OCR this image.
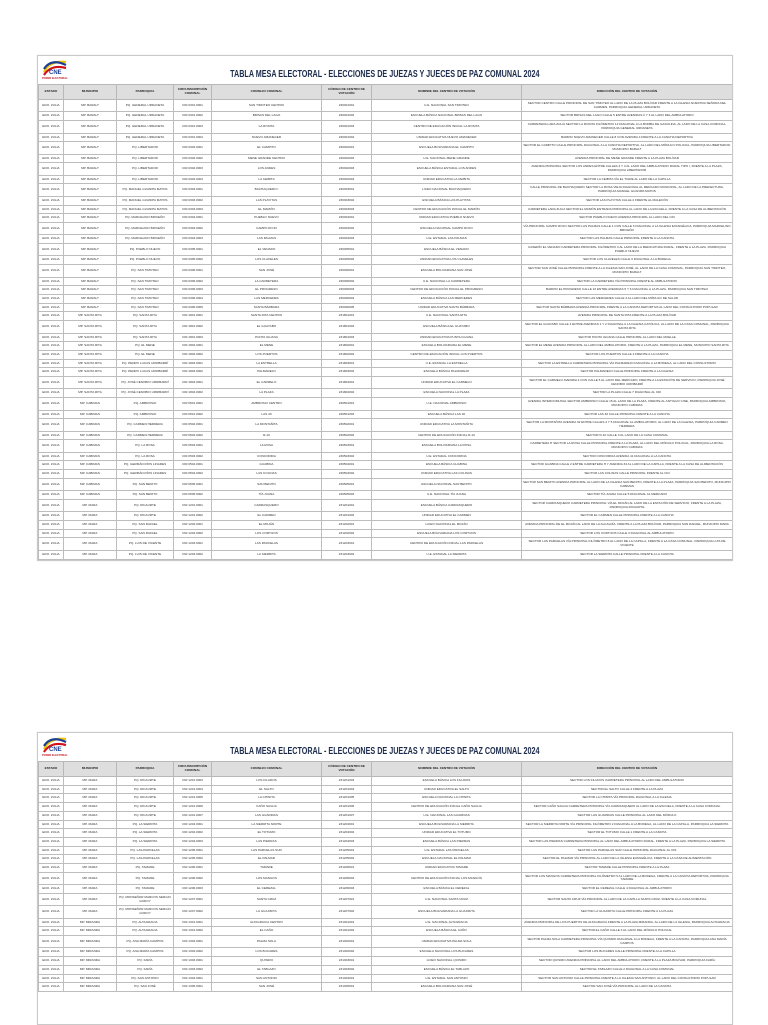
CNE
PODER ELECTORAL	TABLA MESA ELECTORAL - ELECCIONES DE JUEZAS Y JUECES DE PAZ COMUNAL 2024
ESTADO	MUNICIPIO	PARROQUIA	CIRCUNSCRIPCIÓN COMUNAL	CONSEJO COMUNAL	CÓDIGO DE CENTRO DE VOTACIÓN	NOMBRE DEL CENTRO DE VOTACIÓN	DIRECCIÓN DEL CENTRO DE VOTACIÓN
EDO. ZULIA	MP. BARALT	PQ. GENERAL URDANETA	CIR.0301.0001	SAN TIMOTEO CENTRO	230301001	U.E. NACIONAL SAN TIMOTEO	SECTOR CENTRO CALLE PRINCIPAL DE SAN TIMOTEO AL LADO DE LA PLAZA BOLÍVAR FRENTE A LA IGLESIA NUESTRA SEÑORA DEL CARMEN, PARROQUIA GENERAL URDANETA
EDO. ZULIA	MP. BARALT	PQ. GENERAL URDANETA	CIR.0301.0002	BRISAS DEL LAGO	230301002	ESCUELA BÁSICA NACIONAL BRISAS DEL LAGO	SECTOR BRISAS DEL LAGO CALLE 5 ENTRE AVENIDAS 2 Y 3 AL LADO DEL AMBULATORIO
EDO. ZULIA	MP. BARALT	PQ. GENERAL URDANETA	CIR.0301.0003	LA ROSITA	230301003	CENTRO DE EDUCACIÓN INICIAL LA ROSITA	CARRETERA LARA ZULIA SECTOR LA ROSITA KILÓMETRO 12 DIAGONAL A LA BOMBA DE GASOLINA, AL LADO DE LA CASA COMUNAL, PARROQUIA GENERAL URDANETA
EDO. ZULIA	MP. BARALT	PQ. GENERAL URDANETA	CIR.0301.0004	NUEVO AMANECER	230301004	UNIDAD EDUCATIVA NUEVO AMANECER	BARRIO NUEVO AMANECER CALLE 8 CON AVENIDA 4 FRENTE A LA CANCHA DEPORTIVA
EDO. ZULIA	MP. BARALT	PQ. LIBERTADOR	CIR.0302.0001	EL CAMPITO	230302001	ESCUELA BOLIVARIANA EL CAMPITO	SECTOR EL CAMPITO CALLE PRINCIPAL DIAGONAL A LA CANCHA DEPORTIVA, AL LADO DEL MÓDULO POLICIAL, PARROQUIA LIBERTADOR, MUNICIPIO BARALT
EDO. ZULIA	MP. BARALT	PQ. LIBERTADOR	CIR.0302.0002	MENE GRANDE CENTRO	230302002	U.E. NACIONAL MENE GRANDE	AVENIDA PRINCIPAL DE MENE GRANDE FRENTE A LA PLAZA BOLÍVAR
EDO. ZULIA	MP. BARALT	PQ. LIBERTADOR	CIR.0302.0003	LOS ANDES	230302003	ESCUELA BÁSICA ESTADAL LOS ANDES	AVENIDA PRINCIPAL SECTOR LOS ANDES ENTRE CALLES 3 Y 4 AL LADO DEL AMBULATORIO RURAL TIPO I, FRENTE A LA PLAZA, PARROQUIA LIBERTADOR
EDO. ZULIA	MP. BARALT	PQ. LIBERTADOR	CIR.0302.0004	LA CEIBITA	230302004	UNIDAD EDUCATIVA LA CEIBITA	SECTOR LA CEIBITA VÍA EL TIGRE AL LADO DE LA CAPILLA
EDO. ZULIA	MP. BARALT	PQ. MANUEL GUANIPA MATOS	CIR.0303.0001	BACHAQUERO I	230303001	LICEO NACIONAL BACHAQUERO	CALLE PRINCIPAL DE BACHAQUERO SECTOR LA ROSA VIEJA DIAGONAL AL MERCADO MUNICIPAL, AL LADO DE LA PREFECTURA, PARROQUIA MANUEL GUANIPA MATOS
EDO. ZULIA	MP. BARALT	PQ. MANUEL GUANIPA MATOS	CIR.0303.0002	LAS PLAYITAS	230303002	ESCUELA BÁSICA LAS PLAYITAS	SECTOR LAS PLAYITAS CALLE 2 FRENTE AL MALECÓN
EDO. ZULIA	MP. BARALT	PQ. MANUEL GUANIPA MATOS	CIR.0303.0003	EL MAMÓN	230303003	CENTRO DE EDUCACIÓN INICIAL EL MAMÓN	CARRETERA LARA ZULIA SECTOR EL MAMÓN ENTRADA PRINCIPAL AL LADO DE LA ESCUELA, FRENTE A LA CASA DE ALIMENTACIÓN
EDO. ZULIA	MP. BARALT	PQ. MARCELINO BRICEÑO	CIR.0304.0001	PUEBLO NUEVO	230304001	UNIDAD EDUCATIVA PUEBLO NUEVO	SECTOR PUEBLO NUEVO AVENIDA PRINCIPAL AL LADO DEL CDI
EDO. ZULIA	MP. BARALT	PQ. MARCELINO BRICEÑO	CIR.0304.0002	CAMPO ROJO	230304002	ESCUELA NACIONAL CAMPO ROJO	VÍA PRINCIPAL CAMPO ROJO SECTOR LAS PALMAS CALLE 1 CON CALLE 3 DIAGONAL A LA IGLESIA EVANGÉLICA, PARROQUIA MARCELINO BRICEÑO
EDO. ZULIA	MP. BARALT	PQ. MARCELINO BRICEÑO	CIR.0304.0003	LAS PALMAS	230304003	U.E. ESTADAL LAS PALMAS	SECTOR LAS PALMAS CALLE PRINCIPAL FRENTE A LA CANCHA
EDO. ZULIA	MP. BARALT	PQ. PUEBLO NUEVO	CIR.0305.0001	EL VENADO	230305001	ESCUELA BÁSICA EL VENADO	CASERÍO EL VENADO CARRETERA PRINCIPAL KILÓMETRO 4 AL LADO DE LA MEDICATURA RURAL, FRENTE A LA PLAZA, PARROQUIA PUEBLO NUEVO
EDO. ZULIA	MP. BARALT	PQ. PUEBLO NUEVO	CIR.0305.0002	LOS CLAVELES	230305002	UNIDAD EDUCATIVA LOS CLAVELES	SECTOR LOS CLAVELES CALLE 6 DIAGONAL A LA BODEGA
EDO. ZULIA	MP. BARALT	PQ. SAN TIMOTEO	CIR.0306.0001	SAN JOSÉ	230306001	ESCUELA BOLIVARIANA SAN JOSÉ	SECTOR SAN JOSÉ CALLE PRINCIPAL FRENTE A LA IGLESIA SAN JOSÉ, AL LADO DE LA CASA COMUNAL, PARROQUIA SAN TIMOTEO, MUNICIPIO BARALT
EDO. ZULIA	MP. BARALT	PQ. SAN TIMOTEO	CIR.0306.0002	LA CARRETERA	230306002	U.E. NACIONAL LA CARRETERA	SECTOR LA CARRETERA VÍA PRINCIPAL FRENTE AL AMBULATORIO
EDO. ZULIA	MP. BARALT	PQ. SAN TIMOTEO	CIR.0306.0003	EL PROGRESO	230306003	CENTRO DE EDUCACIÓN INICIAL EL PROGRESO	BARRIO EL PROGRESO CALLE 10 ENTRE AVENIDAS 5 Y 6 DIAGONAL A LA PLAZA, PARROQUIA SAN TIMOTEO
EDO. ZULIA	MP. BARALT	PQ. SAN TIMOTEO	CIR.0306.0004	LAS MERCEDES	230306004	ESCUELA BÁSICA LAS MERCEDES	SECTOR LAS MERCEDES CALLE 3 AL LADO DEL MÓDULO DE SALUD
EDO. ZULIA	MP. BARALT	PQ. SAN TIMOTEO	CIR.0306.0005	SANTA BÁRBARA	230306005	UNIDAD EDUCATIVA SANTA BÁRBARA	SECTOR SANTA BÁRBARA AVENIDA PRINCIPAL FRENTE A LA CANCHA DEPORTIVA AL LADO DEL CONSULTORIO POPULAR
EDO. ZULIA	MP. SANTA RITA	PQ. SANTA RITA	CIR.1801.0001	SANTA RITA CENTRO	231801001	U.E. NACIONAL SANTA RITA	AVENIDA PRINCIPAL DE SANTA RITA FRENTE A LA PLAZA BOLÍVAR
EDO. ZULIA	MP. SANTA RITA	PQ. SANTA RITA	CIR.1801.0002	EL GUAYABO	231801002	ESCUELA BÁSICA EL GUAYABO	SECTOR EL GUAYABO CALLE 4 ENTRE AVENIDAS 1 Y 2 DIAGONAL A LA IGLESIA CATÓLICA, AL LADO DE LA CASA COMUNAL, PARROQUIA SANTA RITA
EDO. ZULIA	MP. SANTA RITA	PQ. SANTA RITA	CIR.1801.0003	PUNTA IGUANA	231801003	UNIDAD EDUCATIVA PUNTA IGUANA	SECTOR PUNTA IGUANA CALLE PRINCIPAL AL LADO DEL MUELLE
EDO. ZULIA	MP. SANTA RITA	PQ. EL MENE	CIR.1802.0001	EL MENE	231802001	ESCUELA BOLIVARIANA EL MENE	SECTOR EL MENE AVENIDA PRINCIPAL AL LADO DEL AMBULATORIO, FRENTE A LA PLAZA, PARROQUIA EL MENE, MUNICIPIO SANTA RITA
EDO. ZULIA	MP. SANTA RITA	PQ. EL MENE	CIR.1802.0002	LOS PUERTOS	231802002	CENTRO DE EDUCACIÓN INICIAL LOS PUERTOS	SECTOR LOS PUERTOS CALLE 2 FRENTE A LA CANCHA
EDO. ZULIA	MP. SANTA RITA	PQ. PEDRO LUCAS URRIBARRÍ	CIR.1803.0001	LA ESTRELLA	231803001	U.E. ESTADAL LA ESTRELLA	SECTOR LA ESTRELLA CARRETERA PRINCIPAL VÍA PALMAREJO DIAGONAL A LA BODEGA, AL LADO DEL CONSULTORIO
EDO. ZULIA	MP. SANTA RITA	PQ. PEDRO LUCAS URRIBARRÍ	CIR.1803.0002	PALMAREJO	231803002	ESCUELA BÁSICA PALMAREJO	SECTOR PALMAREJO CALLE PRINCIPAL FRENTE A LA IGLESIA
EDO. ZULIA	MP. SANTA RITA	PQ. JOSÉ CENOBIO URRIBARRÍ	CIR.1804.0001	EL CARMELO	231804001	UNIDAD EDUCATIVA EL CARMELO	SECTOR EL CARMELO AVENIDA 2 CON CALLE 5 AL LADO DEL MERCADO, FRENTE A LA ESTACIÓN DE SERVICIO, PARROQUIA JOSÉ CENOBIO URRIBARRÍ
EDO. ZULIA	MP. SANTA RITA	PQ. JOSÉ CENOBIO URRIBARRÍ	CIR.1804.0002	LA PLAZA	231804002	ESCUELA NACIONAL LA PLAZA	SECTOR LA PLAZA CALLE 7 DIAGONAL AL CDI
EDO. ZULIA	MP. CABIMAS	PQ. AMBROSIO	CIR.0501.0001	AMBROSIO CENTRO	230501001	U.E. NACIONAL AMBROSIO	AVENIDA INTERCOMUNAL SECTOR AMBROSIO CALLE 15 AL LADO DE LA PLAZA, FRENTE AL ANTIGUO CINE, PARROQUIA AMBROSIO, MUNICIPIO CABIMAS
EDO. ZULIA	MP. CABIMAS	PQ. AMBROSIO	CIR.0501.0002	LAS 40	230501002	ESCUELA BÁSICA LAS 40	SECTOR LAS 40 CALLE PRINCIPAL FRENTE A LA CANCHA
EDO. ZULIA	MP. CABIMAS	PQ. CARMEN HERRERA	CIR.0502.0001	LA MONTAÑITA	230502001	UNIDAD EDUCATIVA LA MONTAÑITA	SECTOR LA MONTAÑITA AVENIDA 32 ENTRE CALLES 4 Y 5 DIAGONAL AL AMBULATORIO, AL LADO DE LA IGLESIA, PARROQUIA CARMEN HERRERA
EDO. ZULIA	MP. CABIMAS	PQ. CARMEN HERRERA	CIR.0502.0002	R-10	230502002	CENTRO DE EDUCACIÓN INICIAL R-10	SECTOR R-10 CALLE 3 AL LADO DE LA CASA COMUNAL
EDO. ZULIA	MP. CABIMAS	PQ. LA ROSA	CIR.0503.0001	LA ROSA	230503001	ESCUELA BOLIVARIANA LA ROSA	CARRETERA H SECTOR LA ROSA CALLE PRINCIPAL FRENTE A LA PLAZA, AL LADO DEL MÓDULO POLICIAL, PARROQUIA LA ROSA, MUNICIPIO CABIMAS
EDO. ZULIA	MP. CABIMAS	PQ. LA ROSA	CIR.0503.0002	CONCORDIA	230503002	U.E. ESTADAL CONCORDIA	SECTOR CONCORDIA AVENIDA 41 DIAGONAL A LA CANCHA
EDO. ZULIA	MP. CABIMAS	PQ. GERMÁN RÍOS LINARES	CIR.0504.0001	GUABINA	230504001	ESCUELA BÁSICA GUABINA	SECTOR GUABINA CALLE 2 ENTRE CARRETERA H Y AVENIDA 34 AL LADO DE LA CAPILLA, FRENTE A LA CASA DE ALIMENTACIÓN
EDO. ZULIA	MP. CABIMAS	PQ. GERMÁN RÍOS LINARES	CIR.0504.0002	LAS COLINAS	230504002	UNIDAD EDUCATIVA LAS COLINAS	SECTOR LAS COLINAS CALLE PRINCIPAL FRENTE AL CDI
EDO. ZULIA	MP. CABIMAS	PQ. SAN BENITO	CIR.0505.0001	SAN BENITO	230505001	ESCUELA NACIONAL SAN BENITO	SECTOR SAN BENITO AVENIDA PRINCIPAL AL LADO DE LA IGLESIA SAN BENITO, FRENTE A LA PLAZA, PARROQUIA SAN BENITO, MUNICIPIO CABIMAS
EDO. ZULIA	MP. CABIMAS	PQ. SAN BENITO	CIR.0505.0002	TÍA JUANA	230505002	U.E. NACIONAL TÍA JUANA	SECTOR TÍA JUANA CALLE 5 DIAGONAL AL MERCADO
EDO. ZULIA	MP. MARA	PQ. RICAURTE	CIR.1201.0001	CARRASQUERO	231201001	ESCUELA BÁSICA CARRASQUERO	SECTOR CARRASQUERO CARRETERA PRINCIPAL VÍA EL MOJÁN AL LADO DE LA ESTACIÓN DE SERVICIO, FRENTE A LA PLAZA, PARROQUIA RICAURTE
EDO. ZULIA	MP. MARA	PQ. RICAURTE	CIR.1201.0002	EL CARMEN	231201002	UNIDAD EDUCATIVA EL CARMEN	SECTOR EL CARMEN CALLE PRINCIPAL FRENTE A LA CANCHA
EDO. ZULIA	MP. MARA	PQ. SAN RAFAEL	CIR.1202.0001	EL MOJÁN	231202001	LICEO NACIONAL EL MOJÁN	AVENIDA PRINCIPAL DE EL MOJÁN AL LADO DE LA ALCALDÍA, FRENTE A LA PLAZA BOLÍVAR, PARROQUIA SAN RAFAEL, MUNICIPIO MARA
EDO. ZULIA	MP. MARA	PQ. SAN RAFAEL	CIR.1202.0002	LOS CORTIJOS	231202002	ESCUELA BOLIVARIANA LOS CORTIJOS	SECTOR LOS CORTIJOS CALLE 3 DIAGONAL AL AMBULATORIO
EDO. ZULIA	MP. MARA	PQ. LUIS DE VICENTE	CIR.1203.0001	LAS PARCELAS	231203001	CENTRO DE EDUCACIÓN INICIAL LAS PARCELAS	SECTOR LAS PARCELAS VÍA PRINCIPAL KILÓMETRO 8 AL LADO DE LA CAPILLA, FRENTE A LA CASA COMUNAL, PARROQUIA LUIS DE VICENTE
EDO. ZULIA	MP. MARA	PQ. LUIS DE VICENTE	CIR.1203.0002	LA SIERRITA	231203002	U.E. ESTADAL LA SIERRITA	SECTOR LA SIERRITA CALLE PRINCIPAL FRENTE A LA CANCHA
CNE
PODER ELECTORAL	TABLA MESA ELECTORAL - ELECCIONES DE JUEZAS Y JUECES DE PAZ COMUNAL 2024
ESTADO	MUNICIPIO	PARROQUIA	CIRCUNSCRIPCIÓN COMUNAL	CONSEJO COMUNAL	CÓDIGO DE CENTRO DE VOTACIÓN	NOMBRE DEL CENTRO DE VOTACIÓN	DIRECCIÓN DEL CENTRO DE VOTACIÓN
EDO. ZULIA	MP. MARA	PQ. RICAURTE	CIR.1201.0003	LOS FILUDOS	231201003	ESCUELA BÁSICA LOS FILUDOS	SECTOR LOS FILUDOS CARRETERA PRINCIPAL AL LADO DEL AMBULATORIO
EDO. ZULIA	MP. MARA	PQ. RICAURTE	CIR.1201.0004	EL SALTO	231201004	UNIDAD EDUCATIVA EL SALTO	SECTOR EL SALTO CALLE 2 FRENTE A LA PLAZA
EDO. ZULIA	MP. MARA	PQ. RICAURTE	CIR.1201.0005	LA CHINITA	231201005	ESCUELA NACIONAL LA CHINITA	SECTOR LA CHINITA VÍA PRINCIPAL DIAGONAL A LA IGLESIA
EDO. ZULIA	MP. MARA	PQ. RICAURTE	CIR.1201.0006	CAÑO SAGUA	231201006	CENTRO DE EDUCACIÓN INICIAL CAÑO SAGUA	SECTOR CAÑO SAGUA CARRETERA PRINCIPAL VÍA CARRASQUERO AL LADO DE LA ESCUELA, FRENTE A LA CASA COMUNAL
EDO. ZULIA	MP. MARA	PQ. RICAURTE	CIR.1201.0007	LAS GUARDIAS	231201007	U.E. NACIONAL LAS GUARDIAS	SECTOR LAS GUARDIAS CALLE PRINCIPAL AL LADO DEL MÓDULO
EDO. ZULIA	MP. MARA	PQ. LA SIERRITA	CIR.1204.0001	LA SIERRITA NORTE	231204001	ESCUELA BOLIVARIANA LA SIERRITA	SECTOR LA SIERRITA NORTE VÍA PRINCIPAL KILÓMETRO 2 DIAGONAL A LA BODEGA, AL LADO DE LA CAPILLA, PARROQUIA LA SIERRITA
EDO. ZULIA	MP. MARA	PQ. LA SIERRITA	CIR.1204.0002	EL TOTUMO	231204002	UNIDAD EDUCATIVA EL TOTUMO	SECTOR EL TOTUMO CALLE 1 FRENTE A LA CANCHA
EDO. ZULIA	MP. MARA	PQ. LA SIERRITA	CIR.1204.0003	LAS PIEDRAS	231204003	ESCUELA BÁSICA LAS PIEDRAS	SECTOR LAS PIEDRAS CARRETERA PRINCIPAL AL LADO DEL AMBULATORIO RURAL, FRENTE A LA PLAZA, PARROQUIA LA SIERRITA
EDO. ZULIA	MP. MARA	PQ. LAS PARCELAS	CIR.1205.0001	LAS PARCELAS SUR	231205001	U.E. ESTADAL LAS PARCELAS	SECTOR LAS PARCELAS SUR CALLE PRINCIPAL DIAGONAL AL CDI
EDO. ZULIA	MP. MARA	PQ. LAS PARCELAS	CIR.1205.0002	EL PALMAR	231205002	ESCUELA NACIONAL EL PALMAR	SECTOR EL PALMAR VÍA PRINCIPAL AL LADO DE LA IGLESIA EVANGÉLICA, FRENTE A LA CASA DE ALIMENTACIÓN
EDO. ZULIA	MP. MARA	PQ. TAMARE	CIR.1206.0001	TAMARE	231206001	UNIDAD EDUCATIVA TAMARE	SECTOR TAMARE CALLE PRINCIPAL FRENTE A LA PLAZA
EDO. ZULIA	MP. MARA	PQ. TAMARE	CIR.1206.0002	LOS MANGOS	231206002	CENTRO DE EDUCACIÓN INICIAL LOS MANGOS	SECTOR LOS MANGOS CARRETERA PRINCIPAL KILÓMETRO 5 AL LADO DE LA BODEGA, FRENTE A LA CANCHA DEPORTIVA, PARROQUIA TAMARE
EDO. ZULIA	MP. MARA	PQ. TAMARE	CIR.1206.0003	EL CEREZAL	231206003	ESCUELA BÁSICA EL CEREZAL	SECTOR EL CEREZAL CALLE 4 DIAGONAL AL AMBULATORIO
EDO. ZULIA	MP. MARA	PQ. MONSEÑOR MARCOS SERGIO GODOY	CIR.1207.0001	SANTA CRUZ	231207001	U.E. NACIONAL SANTA CRUZ	SECTOR SANTA CRUZ VÍA PRINCIPAL AL LADO DE LA CAPILLA SANTA CRUZ, FRENTE A LA CASA COMUNAL
EDO. ZULIA	MP. MARA	PQ. MONSEÑOR MARCOS SERGIO GODOY	CIR.1207.0002	LA GUAJIRITA	231207002	ESCUELA BOLIVARIANA LA GUAJIRITA	SECTOR LA GUAJIRITA CALLE PRINCIPAL FRENTE A LA PLAZA
EDO. ZULIA	MP. MIRANDA	PQ. ALTAGRACIA	CIR.1301.0001	ALTAGRACIA CENTRO	231301001	U.E. NACIONAL ALTAGRACIA	AVENIDA PRINCIPAL DE LOS PUERTOS DE ALTAGRACIA FRENTE A LA PLAZA MIRANDA, AL LADO DE LA IGLESIA, PARROQUIA ALTAGRACIA
EDO. ZULIA	MP. MIRANDA	PQ. ALTAGRACIA	CIR.1301.0002	EL CAÑO	231301002	ESCUELA BÁSICA EL CAÑO	SECTOR EL CAÑO CALLE 3 AL LADO DEL MÓDULO POLICIAL
EDO. ZULIA	MP. MIRANDA	PQ. ANA MARÍA CAMPOS	CIR.1302.0001	PALMA SOLA	231302001	UNIDAD EDUCATIVA PALMA SOLA	SECTOR PALMA SOLA CARRETERA PRINCIPAL VÍA QUISIRO DIAGONAL A LA BODEGA, FRENTE A LA CANCHA, PARROQUIA ANA MARÍA CAMPOS
EDO. ZULIA	MP. MIRANDA	PQ. ANA MARÍA CAMPOS	CIR.1302.0002	LOS BUCARES	231302002	ESCUELA NACIONAL LOS BUCARES	SECTOR LOS BUCARES CALLE PRINCIPAL FRENTE A LA CAPILLA
EDO. ZULIA	MP. MIRANDA	PQ. FARÍA	CIR.1303.0001	QUISIRO	231303001	LICEO NACIONAL QUISIRO	SECTOR QUISIRO AVENIDA PRINCIPAL AL LADO DEL AMBULATORIO, FRENTE A LA PLAZA BOLÍVAR, PARROQUIA FARÍA
EDO. ZULIA	MP. MIRANDA	PQ. FARÍA	CIR.1303.0002	EL TABLAZO	231303002	ESCUELA BÁSICA EL TABLAZO	SECTOR EL TABLAZO CALLE 2 DIAGONAL A LA CASA COMUNAL
EDO. ZULIA	MP. MIRANDA	PQ. SAN ANTONIO	CIR.1304.0001	SAN ANTONIO	231304001	U.E. ESTADAL SAN ANTONIO	SECTOR SAN ANTONIO CALLE PRINCIPAL FRENTE A LA IGLESIA SAN ANTONIO, AL LADO DEL CONSULTORIO POPULAR
EDO. ZULIA	MP. MIRANDA	PQ. SAN JOSÉ	CIR.1305.0001	SAN JOSÉ	231305001	ESCUELA BOLIVARIANA SAN JOSÉ	SECTOR SAN JOSÉ VÍA PRINCIPAL AL LADO DE LA CANCHA
